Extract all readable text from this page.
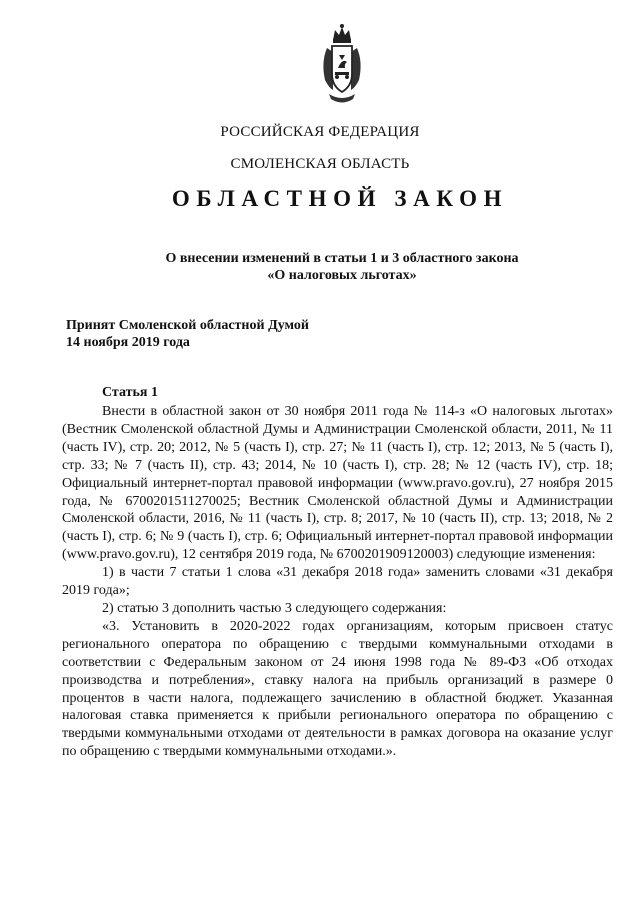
РОССИЙСКАЯ ФЕДЕРАЦИЯ
СМОЛЕНСКАЯ ОБЛАСТЬ
ОБЛАСТНОЙ ЗАКОН
О внесении изменений в статьи 1 и 3 областного закона
«О налоговых льготах»
Принят Смоленской областной Думой
14 ноября 2019 года
Статья 1

Внести в областной закон от 30 ноября 2011 года № 114-з «О налоговых льготах» (Вестник Смоленской областной Думы и Администрации Смоленской области, 2011, № 11 (часть IV), стр. 20; 2012, № 5 (часть I), стр. 27; № 11 (часть I), стр. 12; 2013, № 5 (часть I), стр. 33; № 7 (часть II), стр. 43; 2014, № 10 (часть I), стр. 28; № 12 (часть IV), стр. 18; Официальный интернет-портал правовой информации (www.pravo.gov.ru), 27 ноября 2015 года, № 6700201511270025; Вестник Смоленской областной Думы и Администрации Смоленской области, 2016, № 11 (часть I), стр. 8; 2017, № 10 (часть II), стр. 13; 2018, № 2 (часть I), стр. 6; № 9 (часть I), стр. 6; Официальный интернет-портал правовой информации (www.pravo.gov.ru), 12 сентября 2019 года, № 6700201909120003) следующие изменения:

1) в части 7 статьи 1 слова «31 декабря 2018 года» заменить словами «31 декабря 2019 года»;

2) статью 3 дополнить частью 3 следующего содержания:

«3. Установить в 2020-2022 годах организациям, которым присвоен статус регионального оператора по обращению с твердыми коммунальными отходами в соответствии с Федеральным законом от 24 июня 1998 года № 89-ФЗ «Об отходах производства и потребления», ставку налога на прибыль организаций в размере 0 процентов в части налога, подлежащего зачислению в областной бюджет. Указанная налоговая ставка применяется к прибыли регионального оператора по обращению с твердыми коммунальными отходами от деятельности в рамках договора на оказание услуг по обращению с твердыми коммунальными отходами.».
